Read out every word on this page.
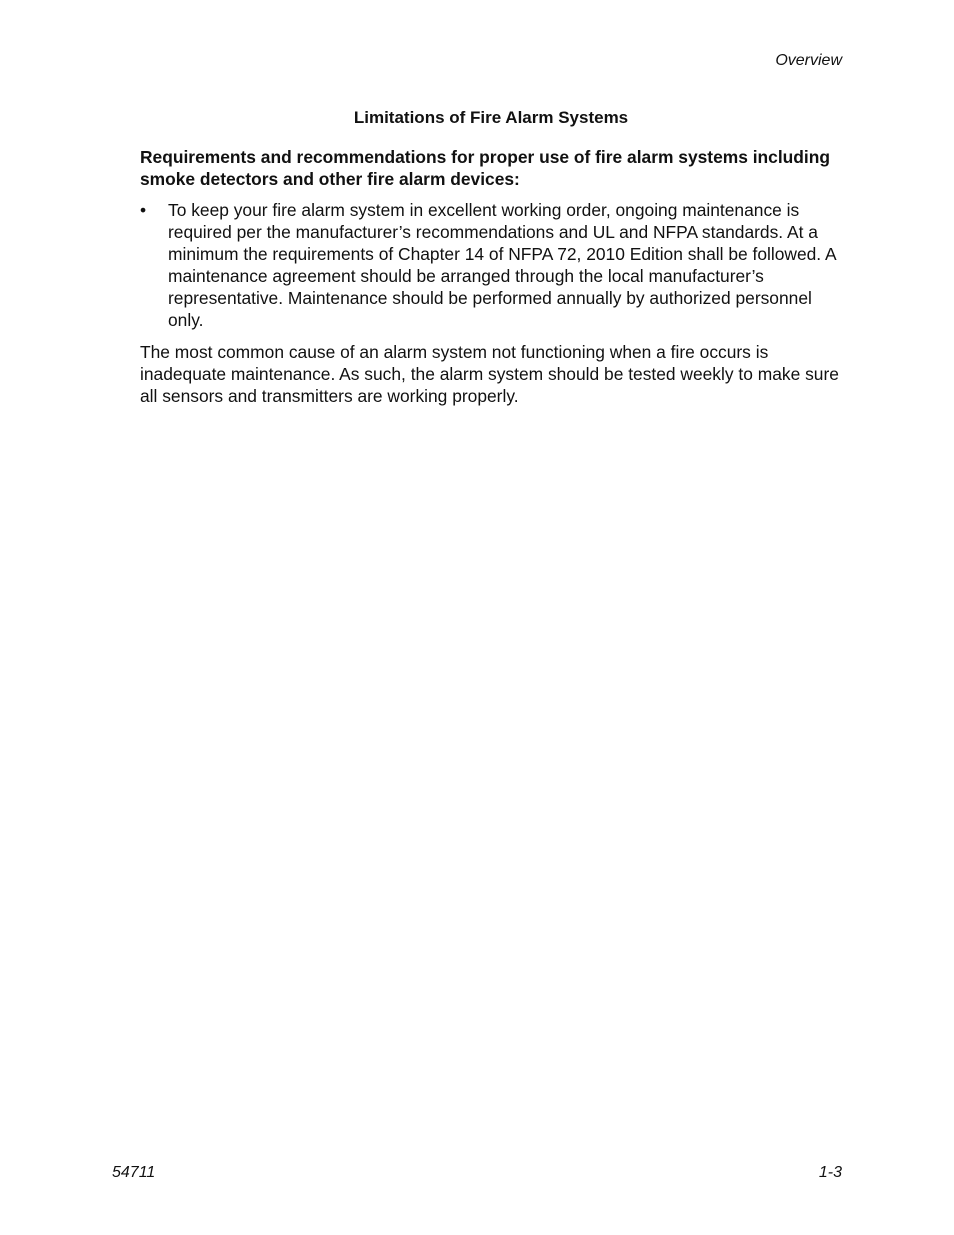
Overview
Limitations of Fire Alarm Systems

Requirements and recommendations for proper use of fire alarm systems including smoke detectors and other fire alarm devices:

• To keep your fire alarm system in excellent working order, ongoing maintenance is required per the manufacturer’s recommendations and UL and NFPA standards. At a minimum the requirements of Chapter 14 of NFPA 72, 2010 Edition shall be followed. A maintenance agreement should be arranged through the local manufacturer’s representative. Maintenance should be performed annually by authorized personnel only.

The most common cause of an alarm system not functioning when a fire occurs is inadequate maintenance. As such, the alarm system should be tested weekly to make sure all sensors and transmitters are working properly.

54711	1-3
